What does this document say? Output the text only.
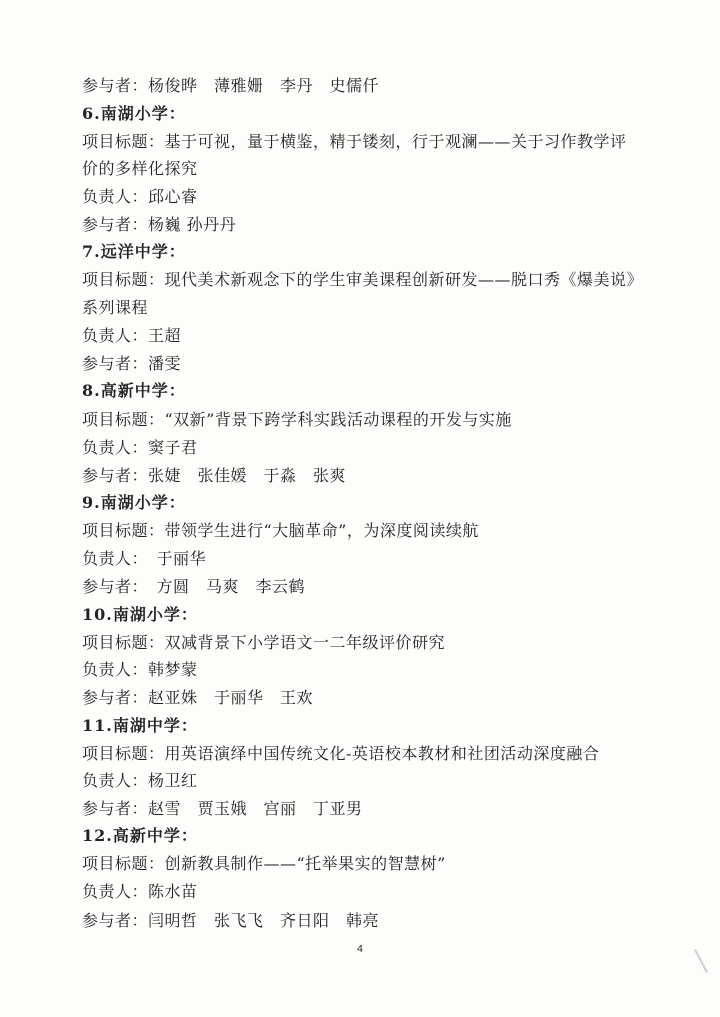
参与者：杨俊晔　薄雅姗　李丹　史儒仟
6.南湖小学：
项目标题：基于可视，量于横鉴，精于镂刻，行于观澜——关于习作教学评
价的多样化探究
负责人：邱心睿
参与者：杨巍 孙丹丹
7.远洋中学：
项目标题：现代美术新观念下的学生审美课程创新研发——脱口秀《爆美说》
系列课程
负责人：王超
参与者：潘雯
8.高新中学：
项目标题：“双新”背景下跨学科实践活动课程的开发与实施
负责人：窦子君
参与者：张婕　张佳媛　于淼　张爽
9.南湖小学：
项目标题：带领学生进行“大脑革命”，为深度阅读续航
负责人：　于丽华
参与者：　方圆　马爽　李云鹤
10.南湖小学：
项目标题：双减背景下小学语文一二年级评价研究
负责人：韩梦蒙
参与者：赵亚姝　于丽华　王欢
11.南湖中学：
项目标题：用英语演绎中国传统文化-英语校本教材和社团活动深度融合
负责人：杨卫红
参与者：赵雪　贾玉娥　宫丽　丁亚男
12.高新中学：
项目标题：创新教具制作——“托举果实的智慧树”
负责人：陈水苗
参与者：闫明哲　张飞飞　齐日阳　韩亮
4
